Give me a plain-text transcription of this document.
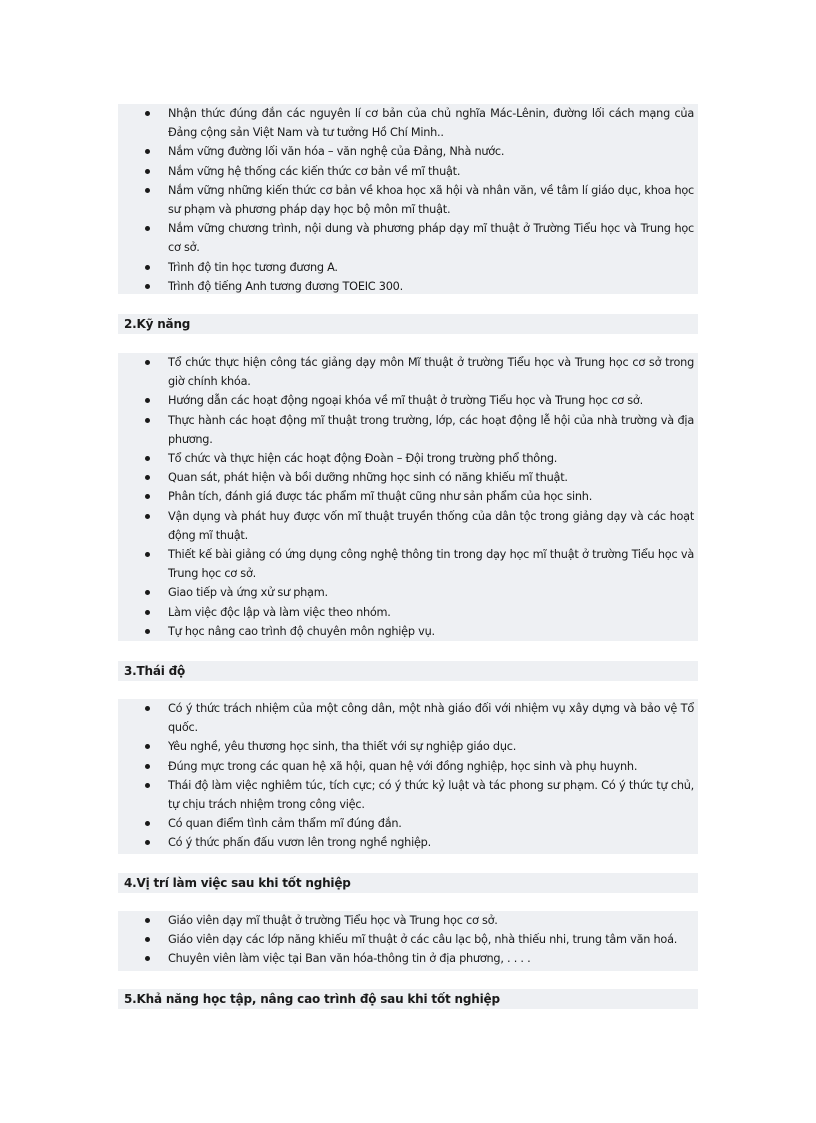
Nhận thức đúng đắn các nguyên lí cơ bản của chủ nghĩa Mác-Lênin, đường lối cách mạng của Đảng cộng sản Việt Nam và tư tưởng Hồ Chí Minh..
Nắm vững đường lối văn hóa – văn nghệ của Đảng, Nhà nước.
Nắm vững hệ thống các kiến thức cơ bản về mĩ thuật.
Nắm vững những kiến thức cơ bản về khoa học xã hội và nhân văn, về tâm lí giáo dục, khoa học sư phạm và phương pháp dạy học bộ môn mĩ thuật.
Nắm vững chương trình, nội dung và phương pháp dạy mĩ thuật ở Trường Tiểu học và Trung học cơ sở.
Trình độ tin học tương đương A.
Trình độ tiếng Anh tương đương TOEIC 300.
2.Kỹ năng
Tổ chức thực hiện công tác giảng dạy môn Mĩ thuật ở trường Tiểu học và Trung học cơ sở trong giờ chính khóa.
Hướng dẫn các hoạt động ngoại khóa về mĩ thuật ở trường Tiểu học và Trung học cơ sở.
Thực hành các hoạt động mĩ thuật trong trường, lớp, các hoạt động lễ hội của nhà trường và địa phương.
Tổ chức và thực hiện các hoạt động Đoàn – Đội trong trường phổ thông.
Quan sát, phát hiện và bồi dưỡng những học sinh có năng khiếu mĩ thuật.
Phân tích, đánh giá được tác phẩm mĩ thuật cũng như sản phẩm của học sinh.
Vận dụng và phát huy được vốn mĩ thuật truyền thống của dân tộc trong giảng dạy và các hoạt động mĩ thuật.
Thiết kế bài giảng có ứng dụng công nghệ thông tin trong dạy học mĩ thuật ở trường Tiểu học và Trung học cơ sở.
Giao tiếp và ứng xử sư phạm.
Làm việc độc lập và làm việc theo nhóm.
Tự học nâng cao trình độ chuyên môn nghiệp vụ.
3.Thái độ
Có ý thức trách nhiệm của một công dân, một nhà giáo đối với nhiệm vụ xây dựng và bảo vệ Tổ quốc.
Yêu nghề, yêu thương học sinh, tha thiết với sự nghiệp giáo dục.
Đúng mực trong các quan hệ xã hội, quan hệ với đồng nghiệp, học sinh và phụ huynh.
Thái độ làm việc nghiêm túc, tích cực; có ý thức kỷ luật và tác phong sư phạm. Có ý thức tự chủ, tự chịu trách nhiệm trong công việc.
Có quan điểm tình cảm thẩm mĩ đúng đắn.
Có ý thức phấn đấu vươn lên trong nghề nghiệp.
4.Vị trí làm việc sau khi tốt nghiệp
Giáo viên dạy mĩ thuật ở trường Tiểu học và Trung học cơ sở.
Giáo viên dạy các lớp năng khiếu mĩ thuật ở các câu lạc bộ, nhà thiếu nhi, trung tâm văn hoá.
Chuyên viên làm việc tại Ban văn hóa-thông tin ở địa phương, . . . .
5.Khả năng học tập, nâng cao trình độ sau khi tốt nghiệp
